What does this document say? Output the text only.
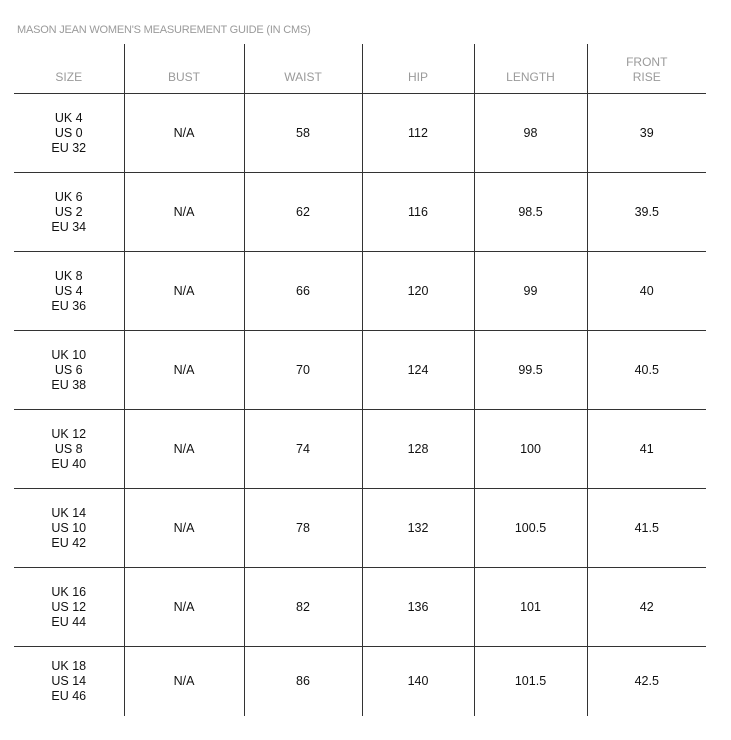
MASON JEAN WOMEN'S MEASUREMENT GUIDE (IN CMS)
SIZE	BUST	WAIST	HIP	LENGTH	FRONT
RISE

UK 4
US 0
EU 32	N/A	58	112	98	39

UK 6
US 2
EU 34	N/A	62	116	98.5	39.5

UK 8
US 4
EU 36	N/A	66	120	99	40

UK 10
US 6
EU 38	N/A	70	124	99.5	40.5

UK 12
US 8
EU 40	N/A	74	128	100	41

UK 14
US 10
EU 42	N/A	78	132	100.5	41.5

UK 16
US 12
EU 44	N/A	82	136	101	42

UK 18
US 14
EU 46	N/A	86	140	101.5	42.5
